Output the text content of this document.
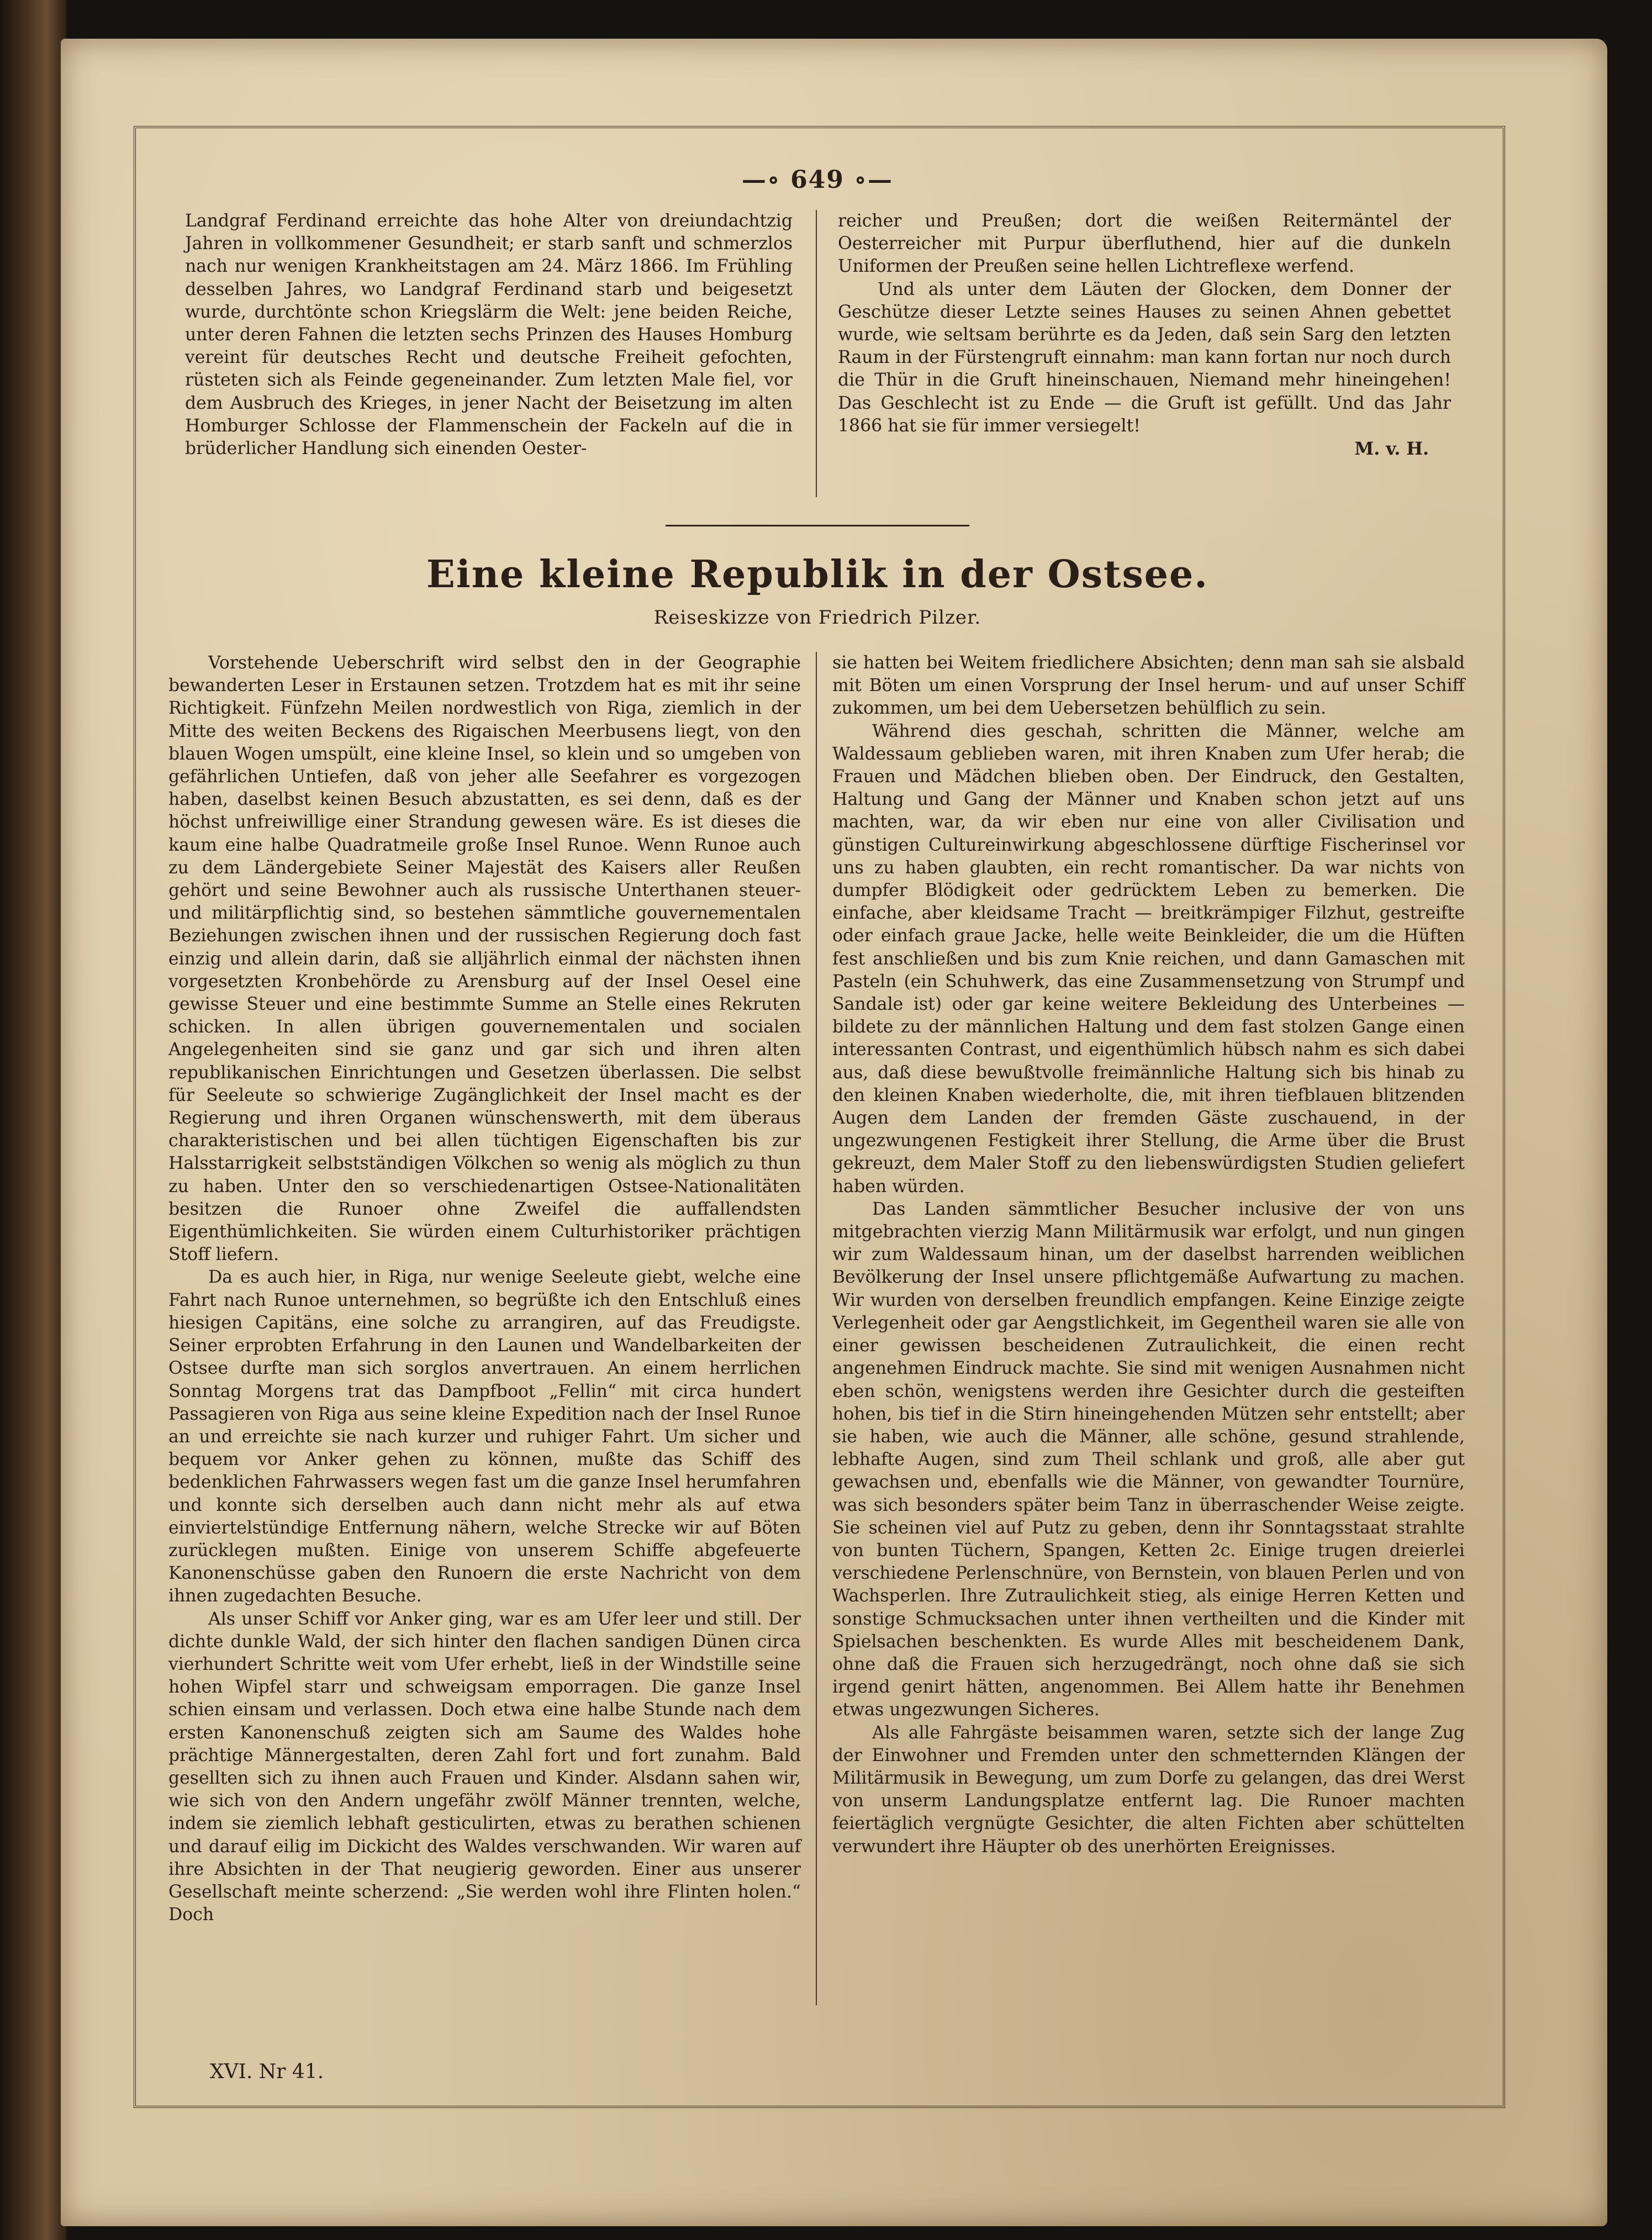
—∘ 649 ∘—

Landgraf Ferdinand erreichte das hohe Alter von dreiundachtzig Jahren in vollkommener Gesundheit; er starb sanft und schmerzlos nach nur wenigen Krankheitstagen am 24. März 1866. Im Frühling desselben Jahres, wo Landgraf Ferdinand starb und beigesetzt wurde, durchtönte schon Kriegslärm die Welt: jene beiden Reiche, unter deren Fahnen die letzten sechs Prinzen des Hauses Homburg vereint für deutsches Recht und deutsche Freiheit gefochten, rüsteten sich als Feinde gegeneinander. Zum letzten Male fiel, vor dem Ausbruch des Krieges, in jener Nacht der Beisetzung im alten Homburger Schlosse der Flammenschein der Fackeln auf die in brüderlicher Handlung sich einenden Oester-

reicher und Preußen; dort die weißen Reitermäntel der Oesterreicher mit Purpur überfluthend, hier auf die dunkeln Uniformen der Preußen seine hellen Lichtreflexe werfend.

Und als unter dem Läuten der Glocken, dem Donner der Geschütze dieser Letzte seines Hauses zu seinen Ahnen gebettet wurde, wie seltsam berührte es da Jeden, daß sein Sarg den letzten Raum in der Fürstengruft einnahm: man kann fortan nur noch durch die Thür in die Gruft hineinschauen, Niemand mehr hineingehen! Das Geschlecht ist zu Ende — die Gruft ist gefüllt. Und das Jahr 1866 hat sie für immer versiegelt!

M. v. H.
Eine kleine Republik in der Ostsee.
Reiseskizze von Friedrich Pilzer.

Vorstehende Ueberschrift wird selbst den in der Geographie bewanderten Leser in Erstaunen setzen. Trotzdem hat es mit ihr seine Richtigkeit. Fünfzehn Meilen nordwestlich von Riga, ziemlich in der Mitte des weiten Beckens des Rigaischen Meerbusens liegt, von den blauen Wogen umspült, eine kleine Insel, so klein und so umgeben von gefährlichen Untiefen, daß von jeher alle Seefahrer es vorgezogen haben, daselbst keinen Besuch abzustatten, es sei denn, daß es der höchst unfreiwillige einer Strandung gewesen wäre. Es ist dieses die kaum eine halbe Quadratmeile große Insel Runoe. Wenn Runoe auch zu dem Ländergebiete Seiner Majestät des Kaisers aller Reußen gehört und seine Bewohner auch als russische Unterthanen steuer- und militärpflichtig sind, so bestehen sämmtliche gouvernementalen Beziehungen zwischen ihnen und der russischen Regierung doch fast einzig und allein darin, daß sie alljährlich einmal der nächsten ihnen vorgesetzten Kronbehörde zu Arensburg auf der Insel Oesel eine gewisse Steuer und eine bestimmte Summe an Stelle eines Rekruten schicken. In allen übrigen gouvernementalen und socialen Angelegenheiten sind sie ganz und gar sich und ihren alten republikanischen Einrichtungen und Gesetzen überlassen. Die selbst für Seeleute so schwierige Zugänglichkeit der Insel macht es der Regierung und ihren Organen wünschenswerth, mit dem überaus charakteristischen und bei allen tüchtigen Eigenschaften bis zur Halsstarrigkeit selbstständigen Völkchen so wenig als möglich zu thun zu haben. Unter den so verschiedenartigen Ostsee-Nationalitäten besitzen die Runoer ohne Zweifel die auffallendsten Eigenthümlichkeiten. Sie würden einem Culturhistoriker prächtigen Stoff liefern.

Da es auch hier, in Riga, nur wenige Seeleute giebt, welche eine Fahrt nach Runoe unternehmen, so begrüßte ich den Entschluß eines hiesigen Capitäns, eine solche zu arrangiren, auf das Freudigste. Seiner erprobten Erfahrung in den Launen und Wandelbarkeiten der Ostsee durfte man sich sorglos anvertrauen. An einem herrlichen Sonntag Morgens trat das Dampfboot „Fellin“ mit circa hundert Passagieren von Riga aus seine kleine Expedition nach der Insel Runoe an und erreichte sie nach kurzer und ruhiger Fahrt. Um sicher und bequem vor Anker gehen zu können, mußte das Schiff des bedenklichen Fahrwassers wegen fast um die ganze Insel herumfahren und konnte sich derselben auch dann nicht mehr als auf etwa einviertelstündige Entfernung nähern, welche Strecke wir auf Böten zurücklegen mußten. Einige von unserem Schiffe abgefeuerte Kanonenschüsse gaben den Runoern die erste Nachricht von dem ihnen zugedachten Besuche.

Als unser Schiff vor Anker ging, war es am Ufer leer und still. Der dichte dunkle Wald, der sich hinter den flachen sandigen Dünen circa vierhundert Schritte weit vom Ufer erhebt, ließ in der Windstille seine hohen Wipfel starr und schweigsam emporragen. Die ganze Insel schien einsam und verlassen. Doch etwa eine halbe Stunde nach dem ersten Kanonenschuß zeigten sich am Saume des Waldes hohe prächtige Männergestalten, deren Zahl fort und fort zunahm. Bald gesellten sich zu ihnen auch Frauen und Kinder. Alsdann sahen wir, wie sich von den Andern ungefähr zwölf Männer trennten, welche, indem sie ziemlich lebhaft gesticulirten, etwas zu berathen schienen und darauf eilig im Dickicht des Waldes verschwanden. Wir waren auf ihre Absichten in der That neugierig geworden. Einer aus unserer Gesellschaft meinte scherzend: „Sie werden wohl ihre Flinten holen.“ Doch

sie hatten bei Weitem friedlichere Absichten; denn man sah sie alsbald mit Böten um einen Vorsprung der Insel herum- und auf unser Schiff zukommen, um bei dem Uebersetzen behülflich zu sein.

Während dies geschah, schritten die Männer, welche am Waldessaum geblieben waren, mit ihren Knaben zum Ufer herab; die Frauen und Mädchen blieben oben. Der Eindruck, den Gestalten, Haltung und Gang der Männer und Knaben schon jetzt auf uns machten, war, da wir eben nur eine von aller Civilisation und günstigen Cultureinwirkung abgeschlossene dürftige Fischerinsel vor uns zu haben glaubten, ein recht romantischer. Da war nichts von dumpfer Blödigkeit oder gedrücktem Leben zu bemerken. Die einfache, aber kleidsame Tracht — breitkrämpiger Filzhut, gestreifte oder einfach graue Jacke, helle weite Beinkleider, die um die Hüften fest anschließen und bis zum Knie reichen, und dann Gamaschen mit Pasteln (ein Schuhwerk, das eine Zusammensetzung von Strumpf und Sandale ist) oder gar keine weitere Bekleidung des Unterbeines — bildete zu der männlichen Haltung und dem fast stolzen Gange einen interessanten Contrast, und eigenthümlich hübsch nahm es sich dabei aus, daß diese bewußtvolle freimännliche Haltung sich bis hinab zu den kleinen Knaben wiederholte, die, mit ihren tiefblauen blitzenden Augen dem Landen der fremden Gäste zuschauend, in der ungezwungenen Festigkeit ihrer Stellung, die Arme über die Brust gekreuzt, dem Maler Stoff zu den liebenswürdigsten Studien geliefert haben würden.

Das Landen sämmtlicher Besucher inclusive der von uns mitgebrachten vierzig Mann Militärmusik war erfolgt, und nun gingen wir zum Waldessaum hinan, um der daselbst harrenden weiblichen Bevölkerung der Insel unsere pflichtgemäße Aufwartung zu machen. Wir wurden von derselben freundlich empfangen. Keine Einzige zeigte Verlegenheit oder gar Aengstlichkeit, im Gegentheil waren sie alle von einer gewissen bescheidenen Zutraulichkeit, die einen recht angenehmen Eindruck machte. Sie sind mit wenigen Ausnahmen nicht eben schön, wenigstens werden ihre Gesichter durch die gesteiften hohen, bis tief in die Stirn hineingehenden Mützen sehr entstellt; aber sie haben, wie auch die Männer, alle schöne, gesund strahlende, lebhafte Augen, sind zum Theil schlank und groß, alle aber gut gewachsen und, ebenfalls wie die Männer, von gewandter Tournüre, was sich besonders später beim Tanz in überraschender Weise zeigte. Sie scheinen viel auf Putz zu geben, denn ihr Sonntagsstaat strahlte von bunten Tüchern, Spangen, Ketten 2c. Einige trugen dreierlei verschiedene Perlenschnüre, von Bernstein, von blauen Perlen und von Wachsperlen. Ihre Zutraulichkeit stieg, als einige Herren Ketten und sonstige Schmucksachen unter ihnen vertheilten und die Kinder mit Spielsachen beschenkten. Es wurde Alles mit bescheidenem Dank, ohne daß die Frauen sich herzugedrängt, noch ohne daß sie sich irgend genirt hätten, angenommen. Bei Allem hatte ihr Benehmen etwas ungezwungen Sicheres.

Als alle Fahrgäste beisammen waren, setzte sich der lange Zug der Einwohner und Fremden unter den schmetternden Klängen der Militärmusik in Bewegung, um zum Dorfe zu gelangen, das drei Werst von unserm Landungsplatze entfernt lag. Die Runoer machten feiertäglich vergnügte Gesichter, die alten Fichten aber schüttelten verwundert ihre Häupter ob des unerhörten Ereignisses.

XVI. Nr 41.
